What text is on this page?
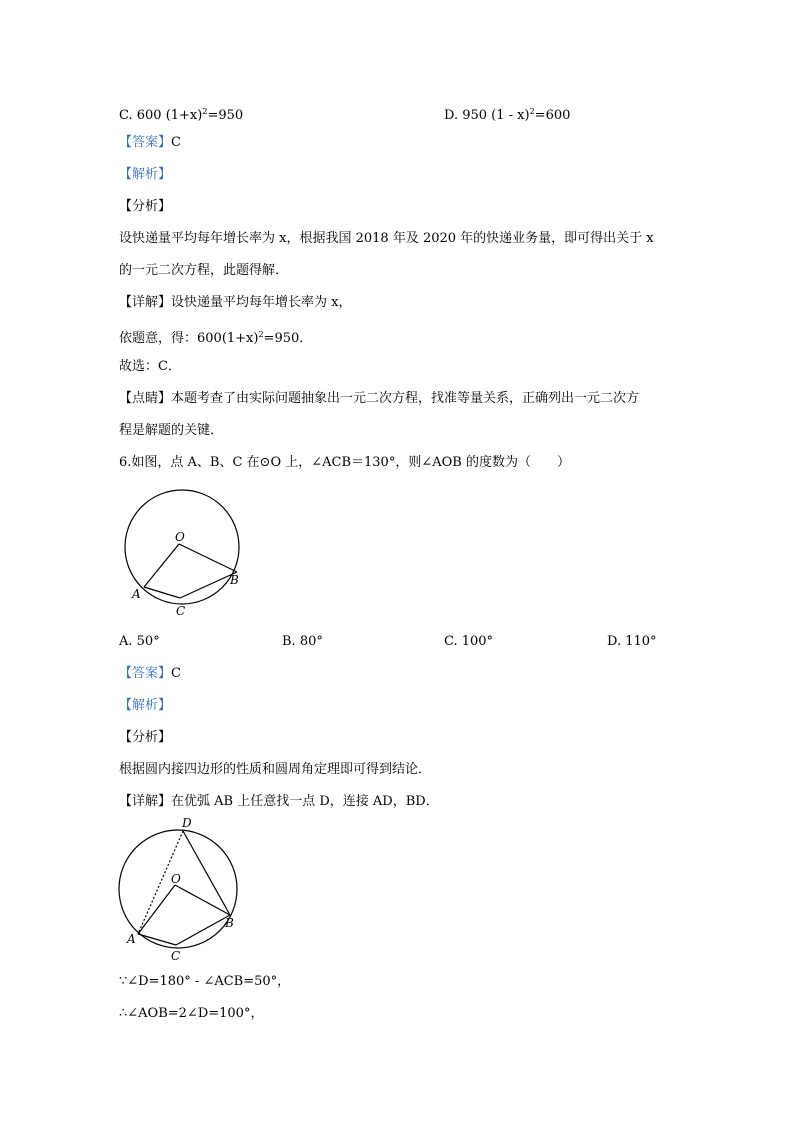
C. 600 $(1+x)^2=950$	D. 950 (1 - x)$^2$=600
【答案】C
【解析】
【分析】
设快递量平均每年增长率为 x，根据我国 2018 年及 2020 年的快递业务量，即可得出关于 x
的一元二次方程，此题得解．
【详解】设快递量平均每年增长率为 x，
依题意，得：$600(1+x)^2=950$．
故选：C．
【点睛】本题考查了由实际问题抽象出一元二次方程，找准等量关系，正确列出一元二次方
程是解题的关键．
6.如图，点 A、B、C 在⊙O 上，∠ACB＝130°，则∠AOB 的度数为（　　）
O
A
B
C
A. 50°	B. 80°	C. 100°	D. 110°
【答案】C
【解析】
【分析】
根据圆内接四边形的性质和圆周角定理即可得到结论．
【详解】在优弧 AB 上任意找一点 D，连接 AD，BD．
D
O
A
B
C
∵∠D=180° - ∠ACB=50°，
∴∠AOB=2∠D=100°，
